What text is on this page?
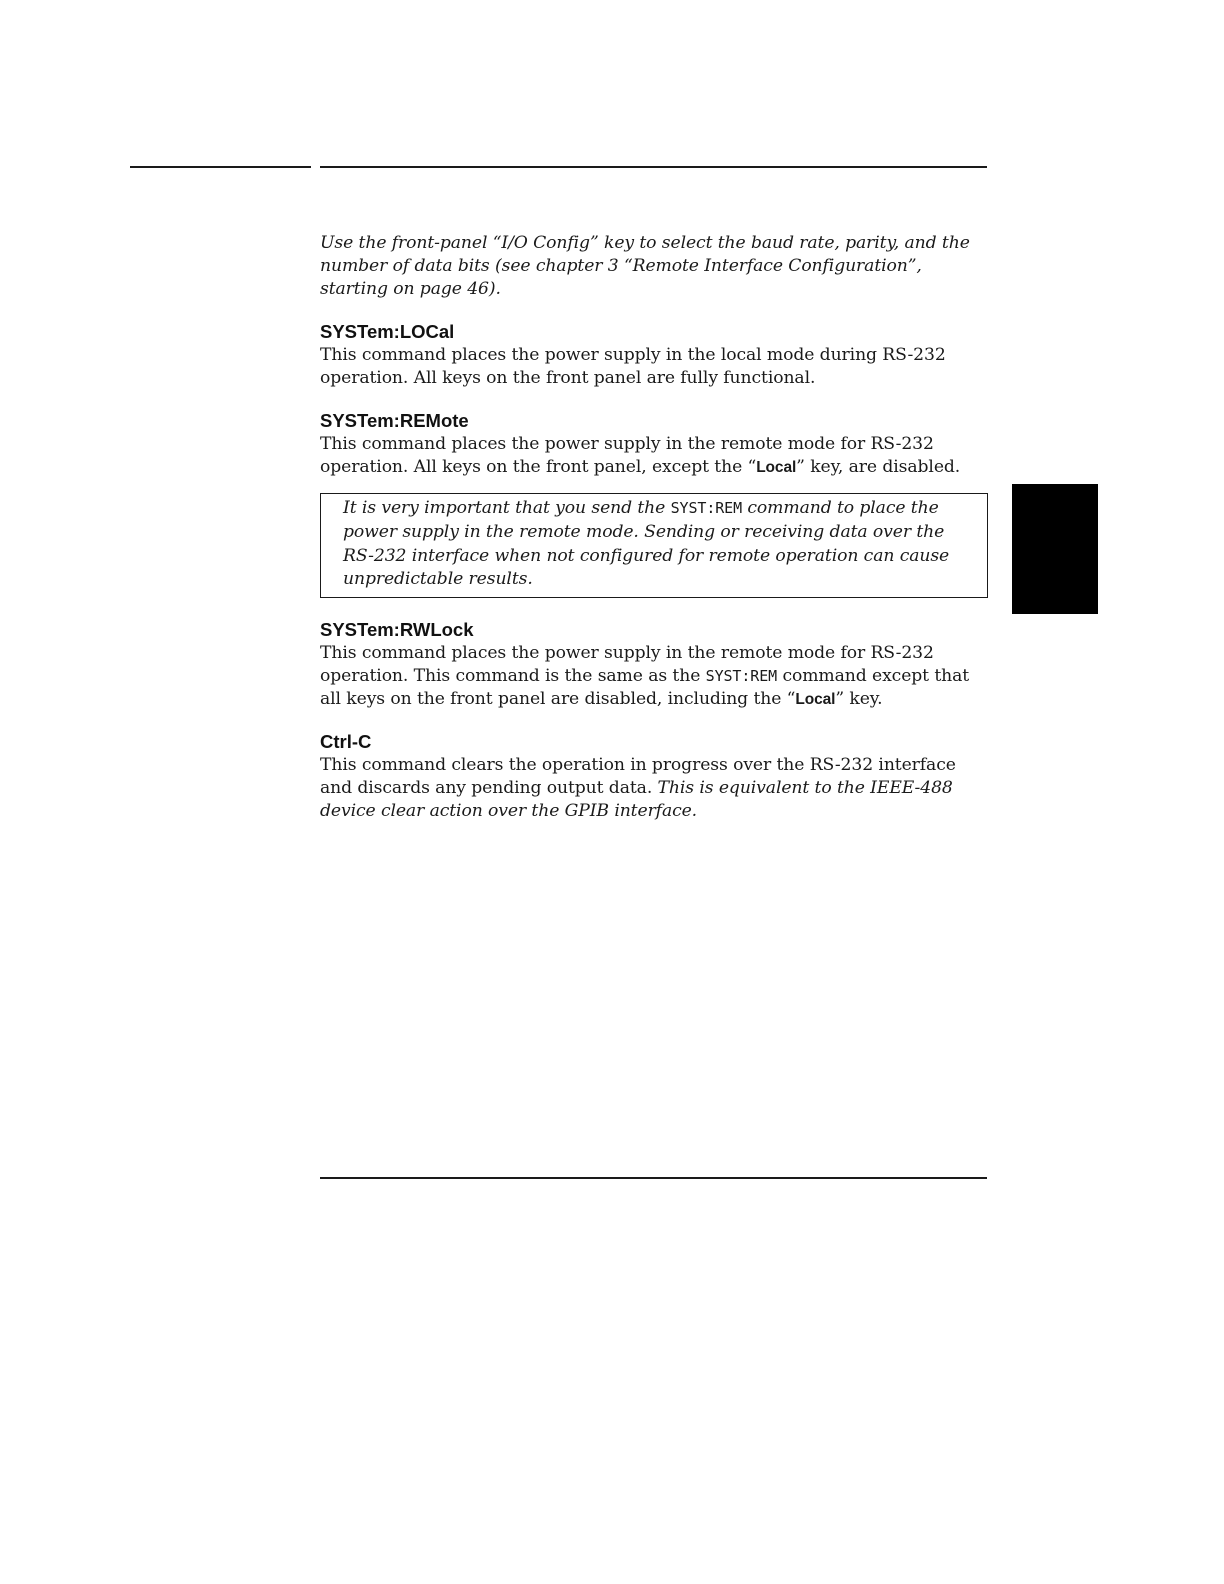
Use the front-panel “I/O Config” key to select the baud rate, parity, and the number of data bits (see chapter 3 “Remote Interface Configuration”, starting on page 46).

SYSTem:LOCal

This command places the power supply in the local mode during RS-232 operation. All keys on the front panel are fully functional.

SYSTem:REMote

This command places the power supply in the remote mode for RS-232 operation. All keys on the front panel, except the “Local” key, are disabled.

It is very important that you send the SYST:REM command to place the power supply in the remote mode. Sending or receiving data over the RS-232 interface when not configured for remote operation can cause unpredictable results.

SYSTem:RWLock

This command places the power supply in the remote mode for RS-232 operation. This command is the same as the SYST:REM command except that all keys on the front panel are disabled, including the “Local” key.

Ctrl-C

This command clears the operation in progress over the RS-232 interface and discards any pending output data. This is equivalent to the IEEE-488 device clear action over the GPIB interface.
